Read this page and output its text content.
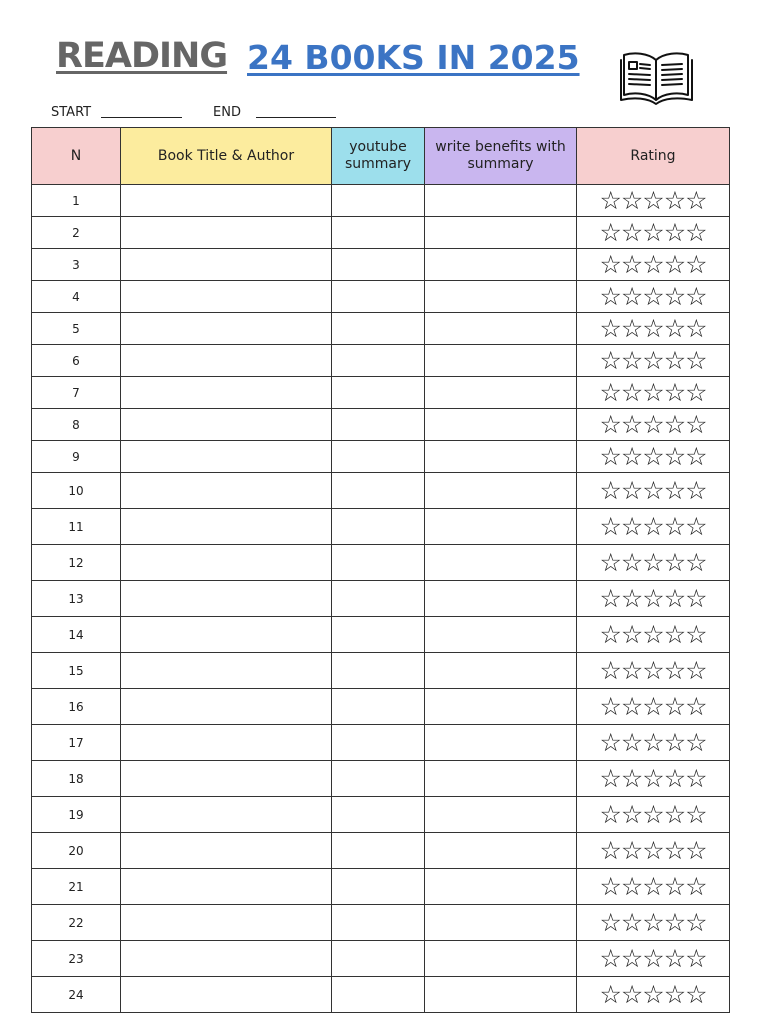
READING 24 B00KS IN 2025
START	END
N	Book Title & Author	youtube summary	write benefits with summary	Rating
1				☆☆☆☆☆
2				☆☆☆☆☆
3				☆☆☆☆☆
4				☆☆☆☆☆
5				☆☆☆☆☆
6				☆☆☆☆☆
7				☆☆☆☆☆
8				☆☆☆☆☆
9				☆☆☆☆☆
10				☆☆☆☆☆
11				☆☆☆☆☆
12				☆☆☆☆☆
13				☆☆☆☆☆
14				☆☆☆☆☆
15				☆☆☆☆☆
16				☆☆☆☆☆
17				☆☆☆☆☆
18				☆☆☆☆☆
19				☆☆☆☆☆
20				☆☆☆☆☆
21				☆☆☆☆☆
22				☆☆☆☆☆
23				☆☆☆☆☆
24				☆☆☆☆☆
